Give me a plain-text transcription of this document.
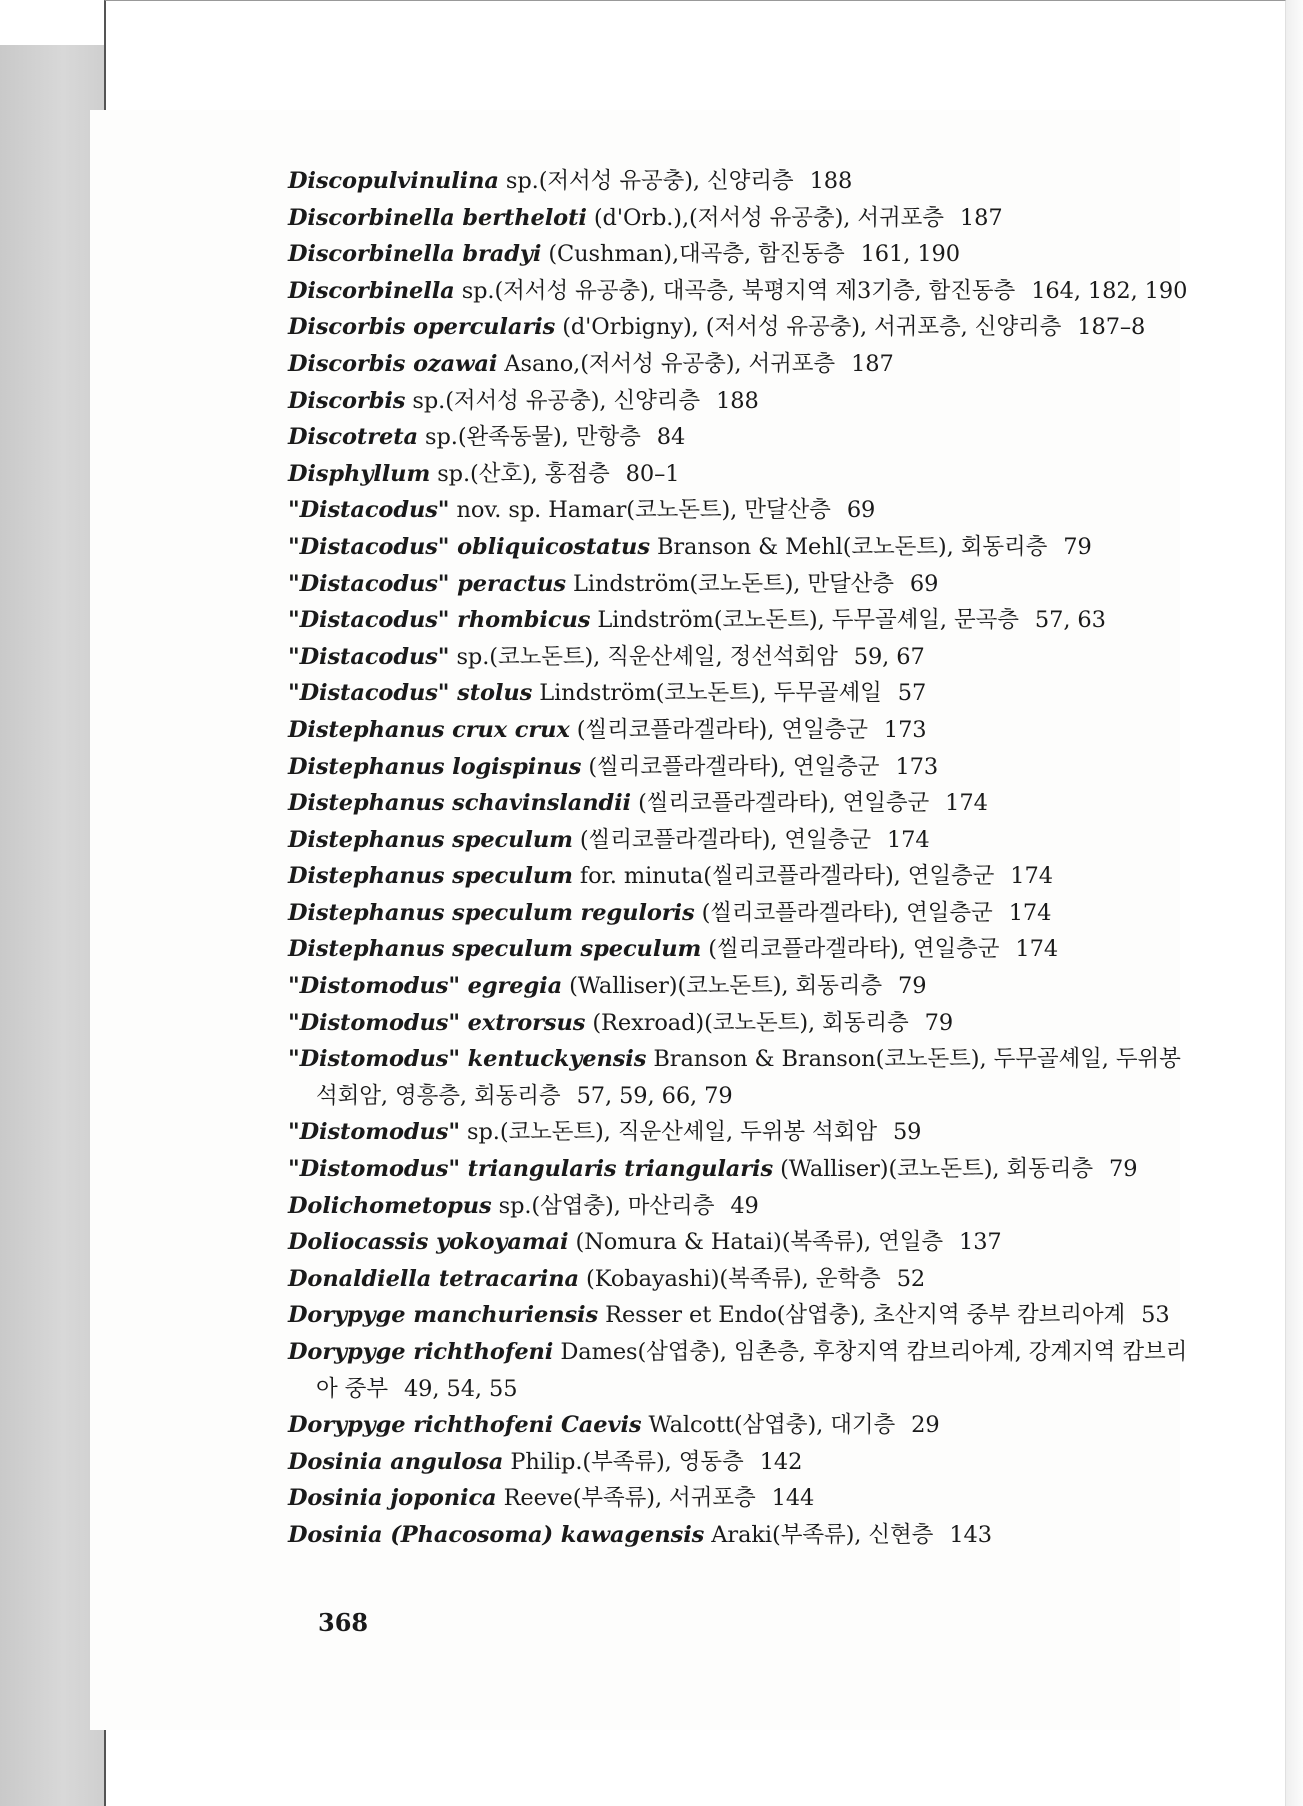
Discopulvinulina sp.(저서성 유공충), 신양리층 188
Discorbinella bertheloti (d'Orb.),(저서성 유공충), 서귀포층 187
Discorbinella bradyi (Cushman),대곡층, 함진동층 161, 190
Discorbinella sp.(저서성 유공충), 대곡층, 북평지역 제3기층, 함진동층 164, 182, 190
Discorbis opercularis (d'Orbigny), (저서성 유공충), 서귀포층, 신양리층 187–8
Discorbis ozawai Asano,(저서성 유공충), 서귀포층 187
Discorbis sp.(저서성 유공충), 신양리층 188
Discotreta sp.(완족동물), 만항층 84
Disphyllum sp.(산호), 홍점층 80–1
"Distacodus" nov. sp. Hamar(코노돈트), 만달산층 69
"Distacodus" obliquicostatus Branson & Mehl(코노돈트), 회동리층 79
"Distacodus" peractus Lindström(코노돈트), 만달산층 69
"Distacodus" rhombicus Lindström(코노돈트), 두무골셰일, 문곡층 57, 63
"Distacodus" sp.(코노돈트), 직운산셰일, 정선석회암 59, 67
"Distacodus" stolus Lindström(코노돈트), 두무골셰일 57
Distephanus crux crux (씰리코플라겔라타), 연일층군 173
Distephanus logispinus (씰리코플라겔라타), 연일층군 173
Distephanus schavinslandii (씰리코플라겔라타), 연일층군 174
Distephanus speculum (씰리코플라겔라타), 연일층군 174
Distephanus speculum for. minuta(씰리코플라겔라타), 연일층군 174
Distephanus speculum reguloris (씰리코플라겔라타), 연일층군 174
Distephanus speculum speculum (씰리코플라겔라타), 연일층군 174
"Distomodus" egregia (Walliser)(코노돈트), 회동리층 79
"Distomodus" extrorsus (Rexroad)(코노돈트), 회동리층 79
"Distomodus" kentuckyensis Branson & Branson(코노돈트), 두무골셰일, 두위봉석회암, 영흥층, 회동리층 57, 59, 66, 79
"Distomodus" sp.(코노돈트), 직운산셰일, 두위봉 석회암 59
"Distomodus" triangularis triangularis (Walliser)(코노돈트), 회동리층 79
Dolichometopus sp.(삼엽충), 마산리층 49
Doliocassis yokoyamai (Nomura & Hatai)(복족류), 연일층 137
Donaldiella tetracarina (Kobayashi)(복족류), 운학층 52
Dorypyge manchuriensis Resser et Endo(삼엽충), 초산지역 중부 캄브리아계 53
Dorypyge richthofeni Dames(삼엽충), 임촌층, 후창지역 캄브리아계, 강계지역 캄브리아 중부 49, 54, 55
Dorypyge richthofeni Caevis Walcott(삼엽충), 대기층 29
Dosinia angulosa Philip.(부족류), 영동층 142
Dosinia joponica Reeve(부족류), 서귀포층 144
Dosinia (Phacosoma) kawagensis Araki(부족류), 신현층 143
368
